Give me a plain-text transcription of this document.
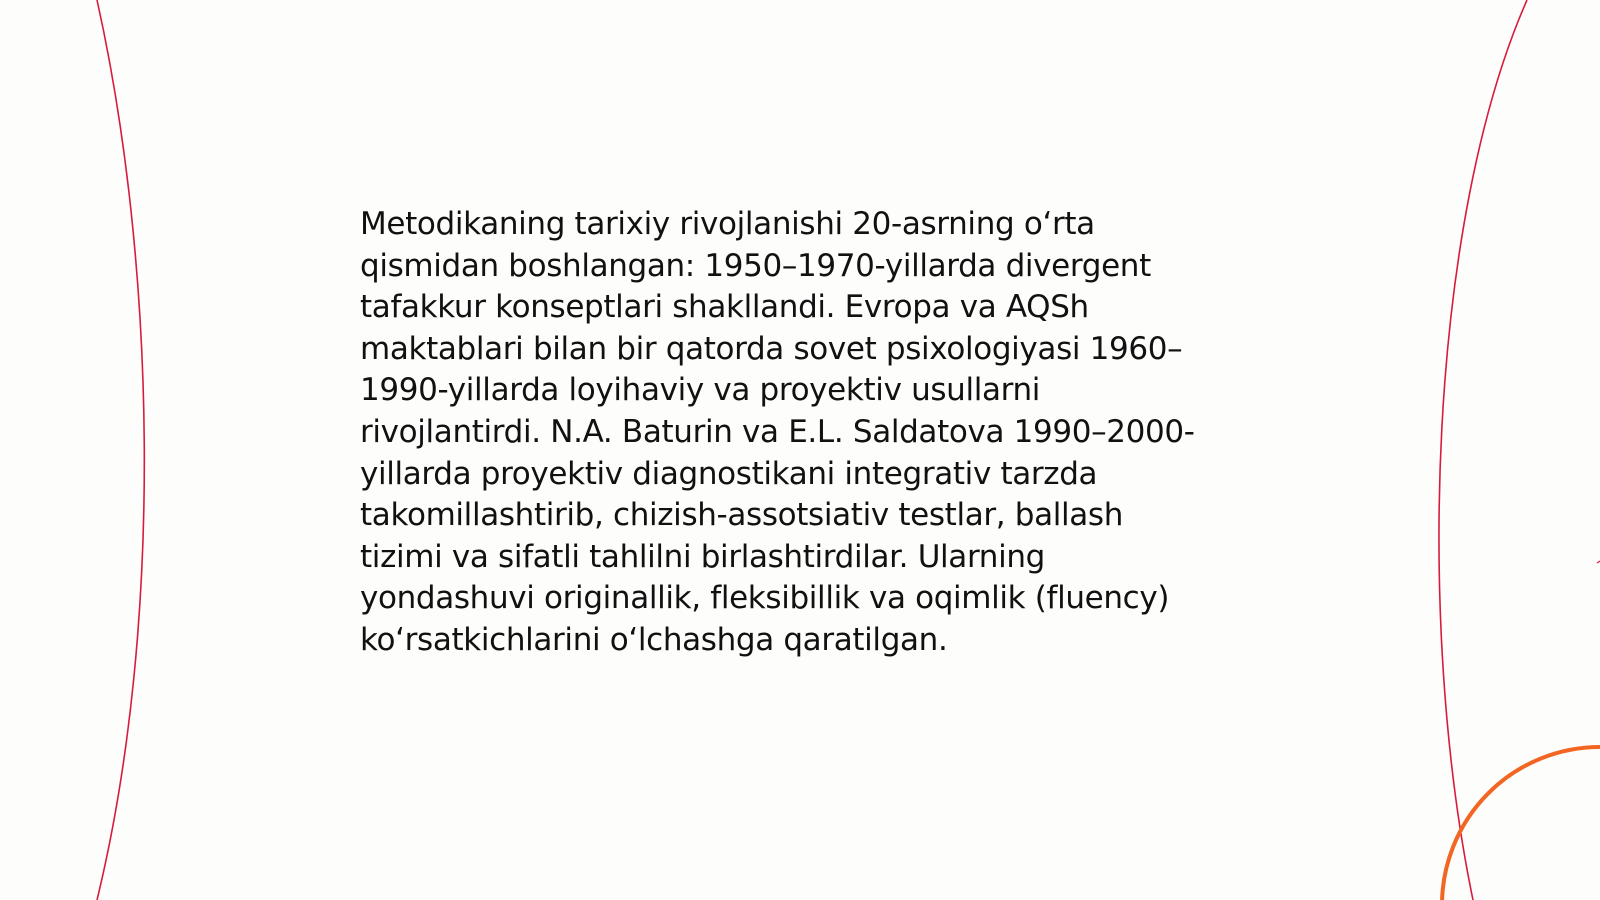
Metodikaning tarixiy rivojlanishi 20-asrning o‘rta
qismidan boshlangan: 1950–1970-yillarda divergent
tafakkur konseptlari shakllandi. Evropa va AQSh
maktablari bilan bir qatorda sovet psixologiyasi 1960–
1990-yillarda loyihaviy va proyektiv usullarni
rivojlantirdi. N.A. Baturin va E.L. Saldatova 1990–2000-
yillarda proyektiv diagnostikani integrativ tarzda
takomillashtirib, chizish-assotsiativ testlar, ballash
tizimi va sifatli tahlilni birlashtirdilar. Ularning
yondashuvi originallik, fleksibillik va oqimlik (fluency)
ko‘rsatkichlarini o‘lchashga qaratilgan.
